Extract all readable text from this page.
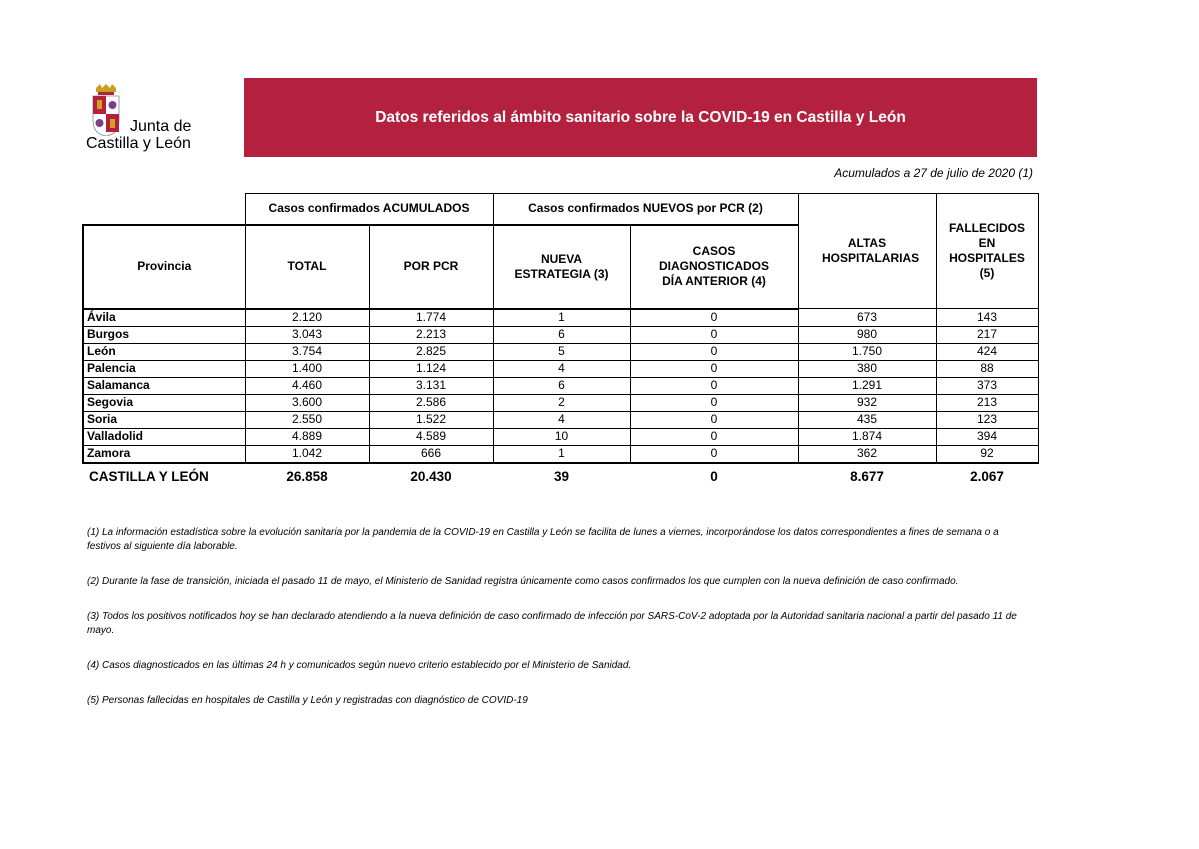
Junta de
Castilla y León
Datos referidos al ámbito sanitario sobre la COVID-19 en Castilla y León
Acumulados a 27 de julio de 2020 (1)
	Casos confirmados ACUMULADOS		Casos confirmados NUEVOS por PCR (2)		ALTAS HOSPITALARIAS	FALLECIDOS EN HOSPITALES (5)

Provincia	TOTAL	POR PCR	NUEVA ESTRATEGIA (3)	CASOS DIAGNOSTICADOS DÍA ANTERIOR (4)		

Ávila	2.120	1.774	1	0	673	143
Burgos	3.043	2.213	6	0	980	217
León	3.754	2.825	5	0	1.750	424
Palencia	1.400	1.124	4	0	380	88
Salamanca	4.460	3.131	6	0	1.291	373
Segovia	3.600	2.586	2	0	932	213
Soria	2.550	1.522	4	0	435	123
Valladolid	4.889	4.589	10	0	1.874	394
Zamora	1.042	666	1	0	362	92
CASTILLA Y LEÓN	26.858	20.430	39	0	8.677	2.067

(1) La información estadística sobre la evolución sanitaria por la pandemia de la COVID-19 en Castilla y León se facilita de lunes a viernes, incorporándose los datos correspondientes a fines de semana o a festivos al siguiente día laborable.

(2) Durante la fase de transición, iniciada el pasado 11 de mayo, el Ministerio de Sanidad registra únicamente como casos confirmados los que cumplen con la nueva definición de caso confirmado.

(3) Todos los positivos notificados hoy se han declarado atendiendo a la nueva definición de caso confirmado de infección por SARS-CoV-2 adoptada por la Autoridad sanitaria nacional a partir del pasado 11 de mayo.

(4) Casos diagnosticados en las últimas 24 h y comunicados según nuevo criterio establecido por el Ministerio de Sanidad.

(5) Personas fallecidas en hospitales de Castilla y León y registradas con diagnóstico de COVID-19
